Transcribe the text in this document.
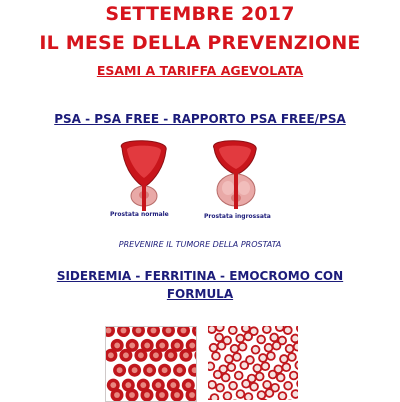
SETTEMBRE 2017
IL MESE DELLA PREVENZIONE
ESAMI A TARIFFA AGEVOLATA
PSA - PSA FREE - RAPPORTO PSA FREE/PSA
Prostata normale	Prostata ingrossata
PREVENIRE IL TUMORE DELLA PROSTATA
SIDEREMIA - FERRITINA - EMOCROMO CON
FORMULA
